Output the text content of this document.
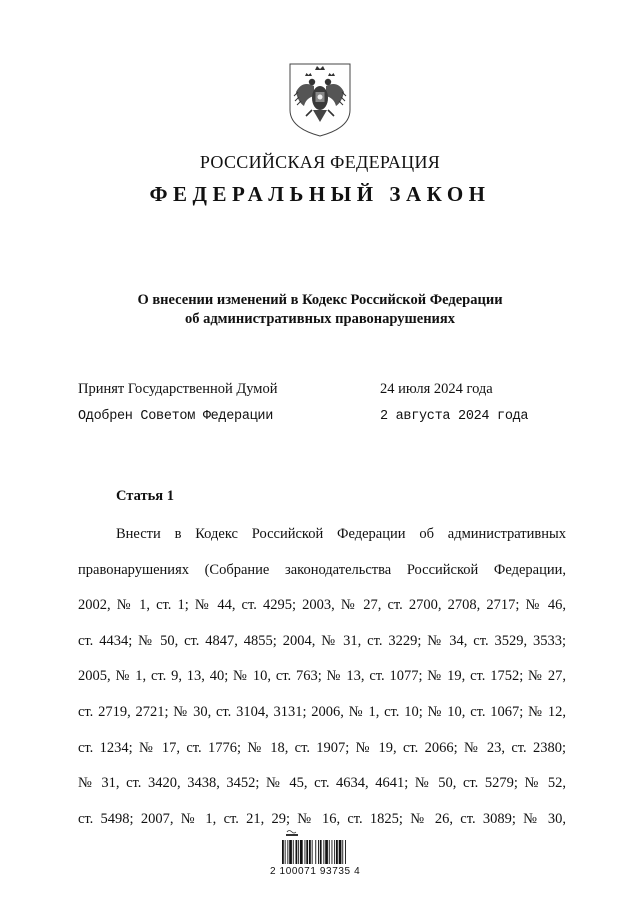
РОССИЙСКАЯ ФЕДЕРАЦИЯ
ФЕДЕРАЛЬНЫЙ ЗАКОН
О внесении изменений в Кодекс Российской Федерации
об административных правонарушениях
Принят Государственной Думой	24 июля 2024 года
Одобрен Советом Федерации	2 августа 2024 года
Статья 1
Внести в Кодекс Российской Федерации об административных
правонарушениях (Собрание законодательства Российской Федерации,
2002, № 1, ст. 1; № 44, ст. 4295; 2003, № 27, ст. 2700, 2708, 2717; № 46,
ст. 4434; № 50, ст. 4847, 4855; 2004, № 31, ст. 3229; № 34, ст. 3529, 3533;
2005, № 1, ст. 9, 13, 40; № 10, ст. 763; № 13, ст. 1077; № 19, ст. 1752; № 27,
ст. 2719, 2721; № 30, ст. 3104, 3131; 2006, № 1, ст. 10; № 10, ст. 1067; № 12,
ст. 1234; № 17, ст. 1776; № 18, ст. 1907; № 19, ст. 2066; № 23, ст. 2380;
№ 31, ст. 3420, 3438, 3452; № 45, ст. 4634, 4641; № 50, ст. 5279; № 52,
ст. 5498; 2007, № 1, ст. 21, 29; № 16, ст. 1825; № 26, ст. 3089; № 30,
2 100071 93735 4
